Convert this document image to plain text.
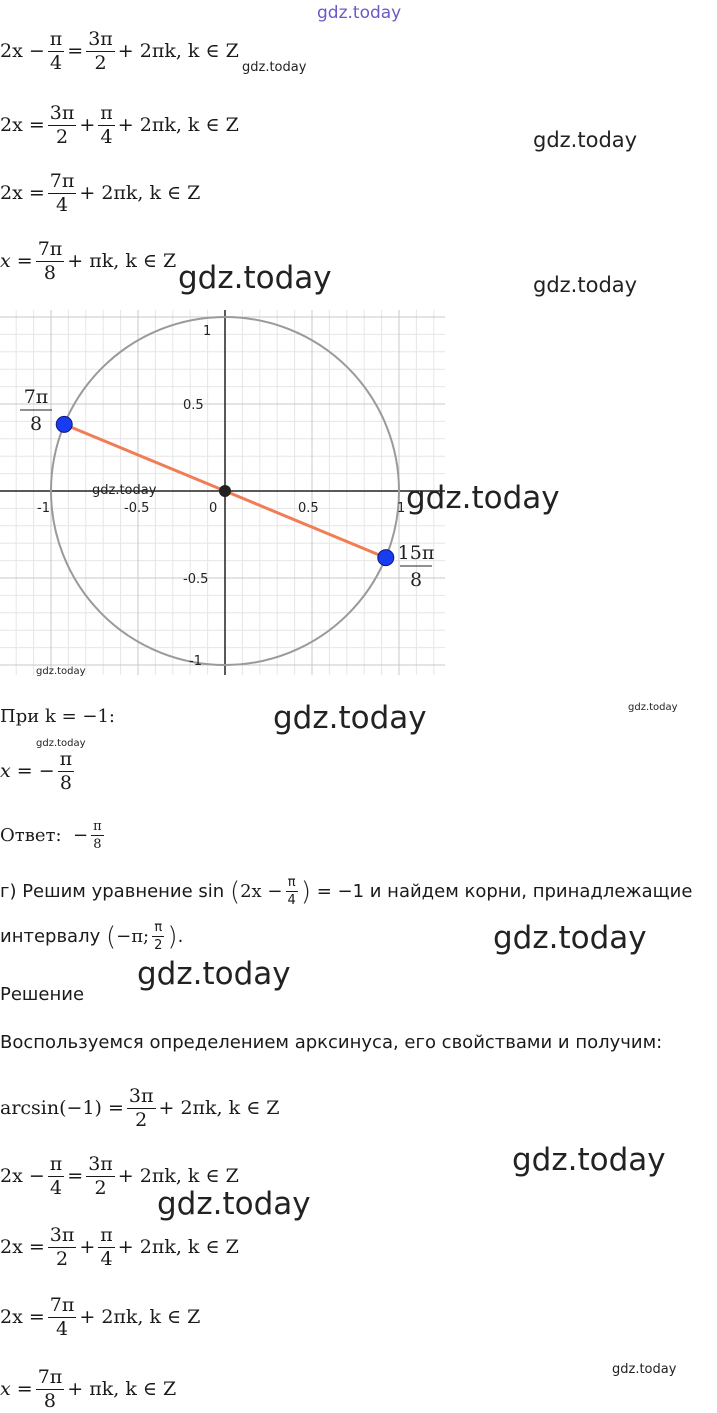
gdz.today
2x
− $\frac{\pi}{4} = \frac{3\pi}{2}$ +
2πk, k ∈ Z
gdz.today
2x
= $\frac{3\pi}{2} + \frac{\pi}{4}$ +
2πk, k ∈ Z
gdz.today
2x
= $\frac{7\pi}{4}$ +
2πk, k ∈ Z
x
= $\frac{7\pi}{8}$ +
πk, k ∈ Z gdz.today	gdz.today
-1	-0.5	0	0.5	1
1
0.5
-0.5
-1
7π
8
15π
8
gdz.today	gdz.today
gdz.today
При k = −1:	gdz.today	gdz.today
gdz.today
x
=
− $\frac{\pi}{8}$
Ответ:
− $\frac{\pi}{8}$
г) Решим уравнение sin
( $2x - \frac{\pi}{4}$ )
= −1 и найдем корни, принадлежащие
интервалу
( −π; $\frac{\pi}{2}$ ) .	gdz.today
gdz.today
Решение
Воспользуемся определением арксинуса, его свойствами и получим:
$\arcsin(-1) = \frac{3\pi}{2}$ +
2πk, k ∈ Z
2x
− $\frac{\pi}{4} = \frac{3\pi}{2}$ +
2πk, k ∈ Z	gdz.today
gdz.today
2x
= $\frac{3\pi}{2} + \frac{\pi}{4}$ +
2πk, k ∈ Z
2x
= $\frac{7\pi}{4}$ +
2πk, k ∈ Z
gdz.today
x
= $\frac{7\pi}{8}$ +
πk, k ∈ Z
